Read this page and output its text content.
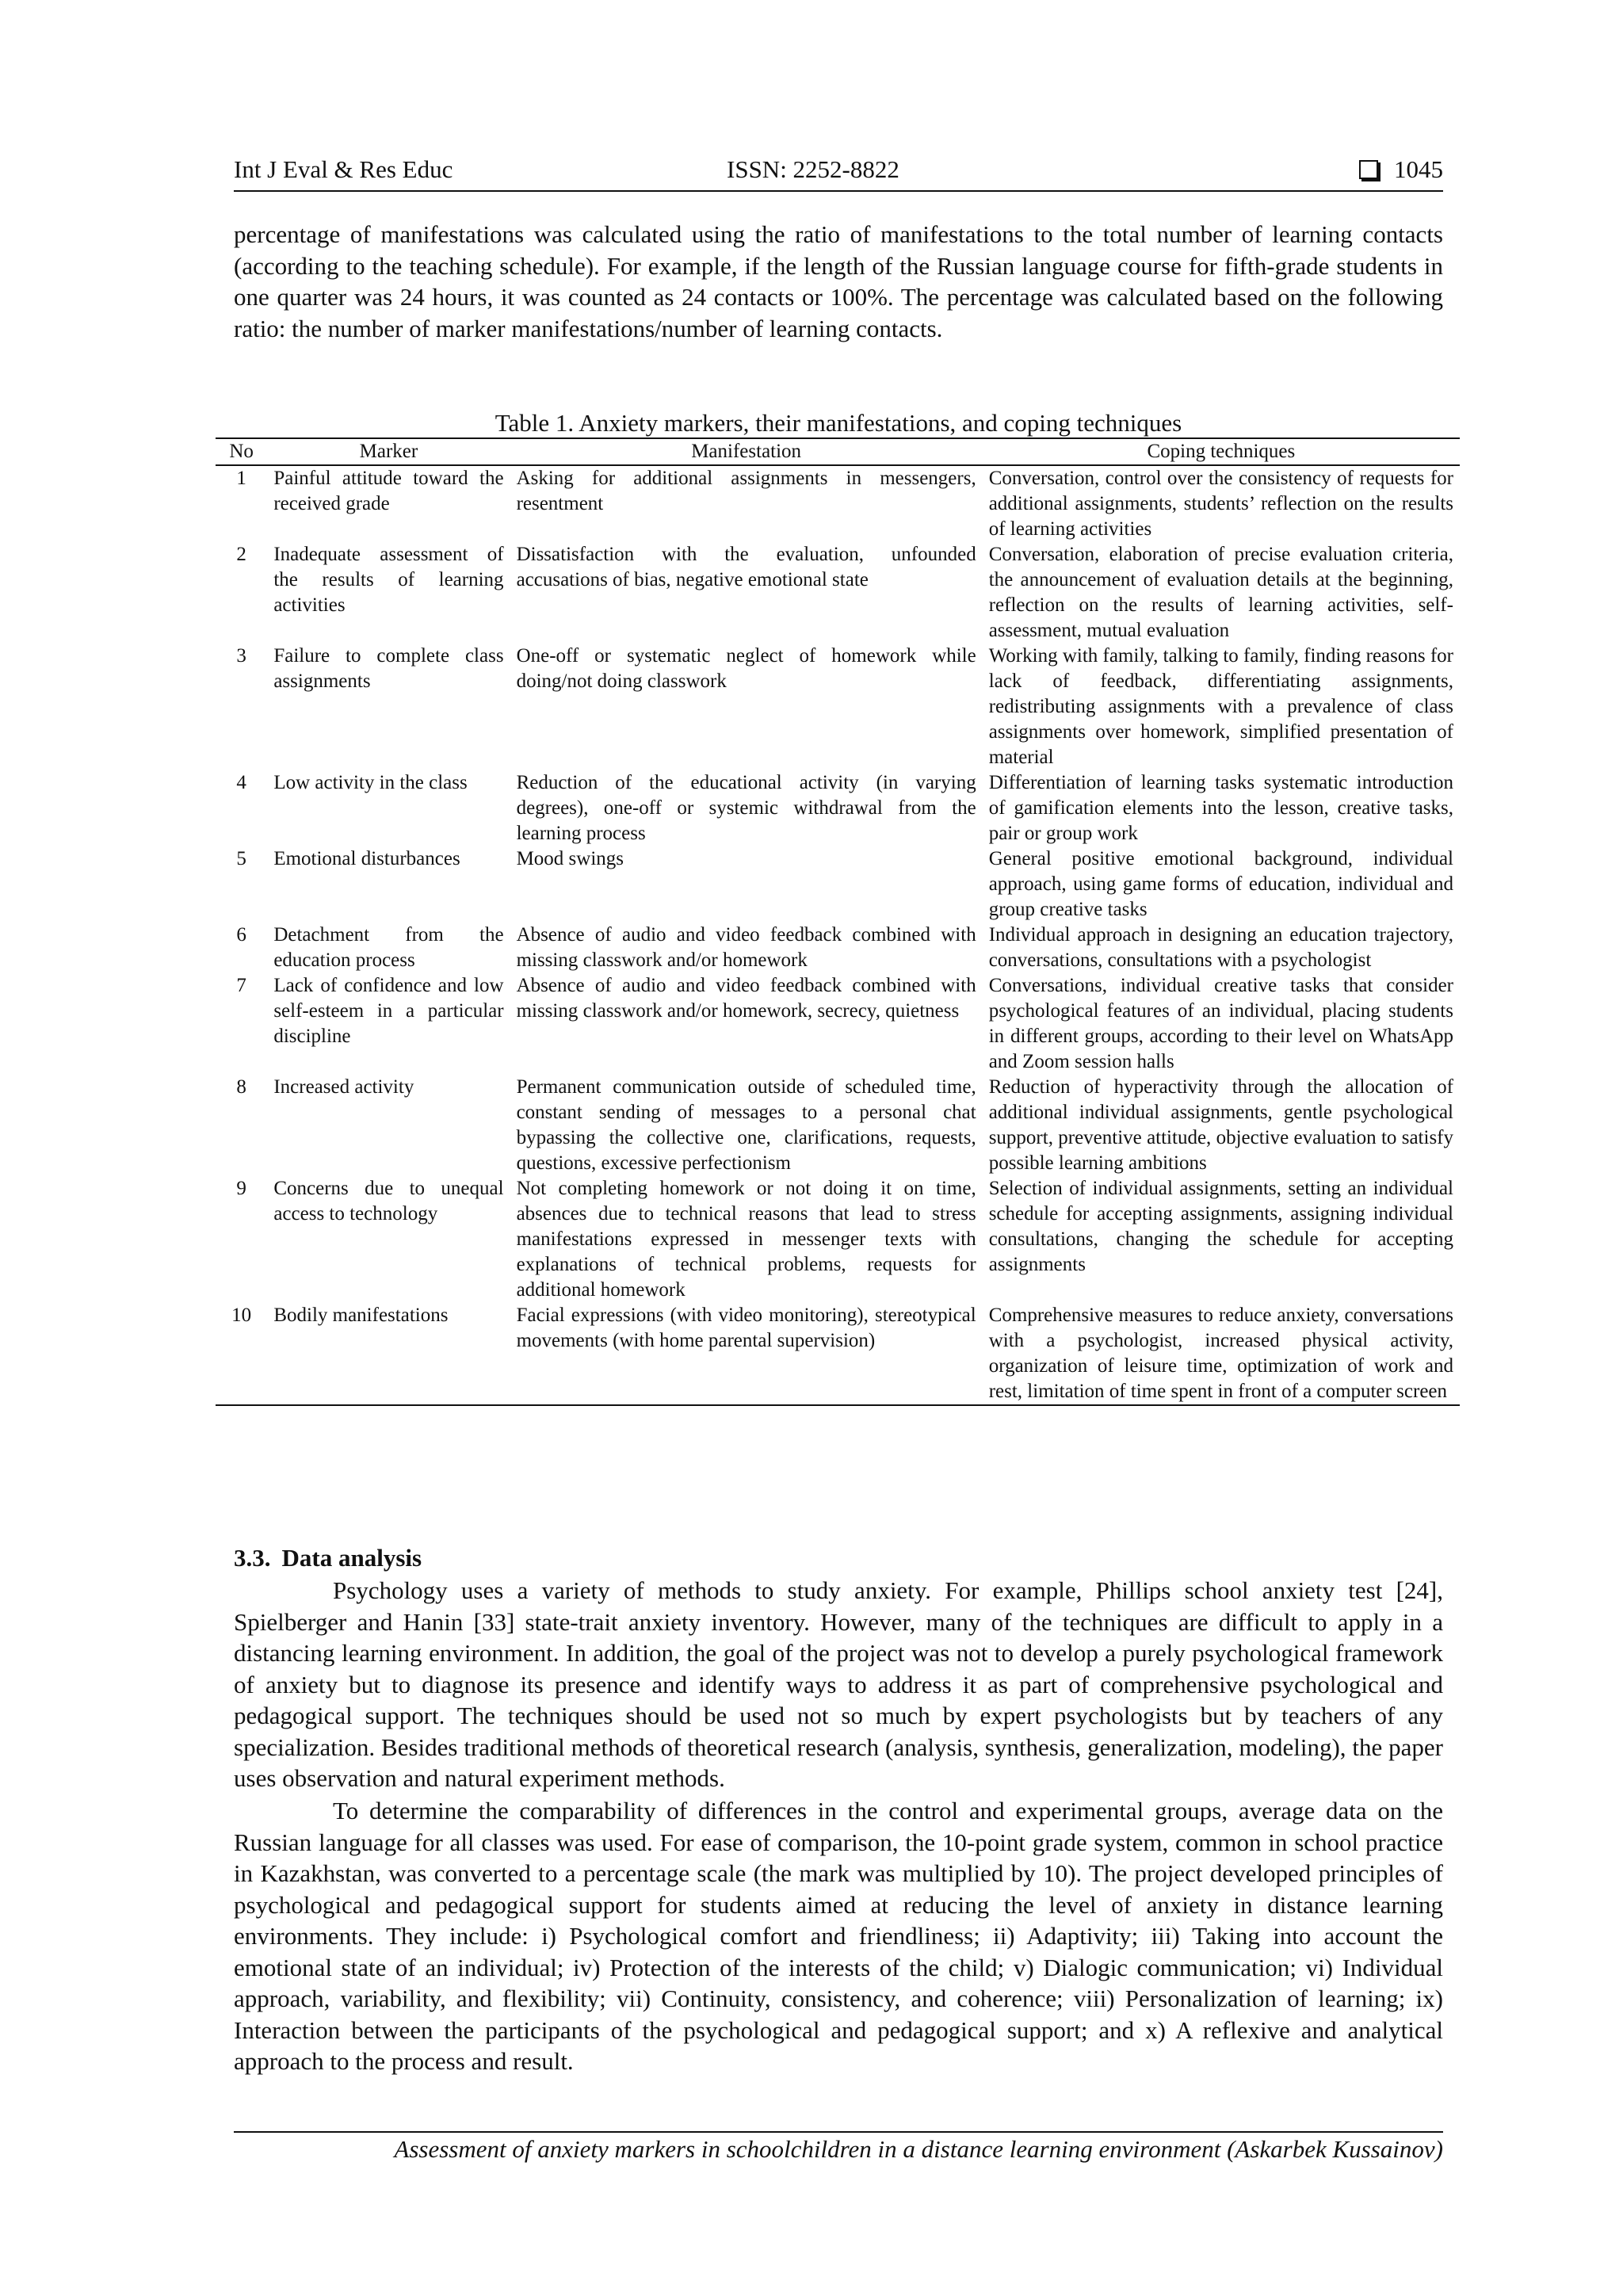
Int J Eval & Res Educ	ISSN: 2252-8822	1045

percentage of manifestations was calculated using the ratio of manifestations to the total number of learning contacts (according to the teaching schedule). For example, if the length of the Russian language course for fifth-grade students in one quarter was 24 hours, it was counted as 24 contacts or 100%. The percentage was calculated based on the following ratio: the number of marker manifestations/number of learning contacts.

Table 1. Anxiety markers, their manifestations, and coping techniques
No	Marker	Manifestation	Coping techniques
1	Painful attitude toward the received grade	Asking for additional assignments in messengers, resentment	Conversation, control over the consistency of requests for additional assignments, students’ reflection on the results of learning activities
2	Inadequate assessment of the results of learning activities	Dissatisfaction with the evaluation, unfounded accusations of bias, negative emotional state	Conversation, elaboration of precise evaluation criteria, the announcement of evaluation details at the beginning, reflection on the results of learning activities, self-assessment, mutual evaluation
3	Failure to complete class assignments	One-off or systematic neglect of homework while doing/not doing classwork	Working with family, talking to family, finding reasons for lack of feedback, differentiating assignments, redistributing assignments with a prevalence of class assignments over homework, simplified presentation of material
4	Low activity in the class	Reduction of the educational activity (in varying degrees), one-off or systemic withdrawal from the learning process	Differentiation of learning tasks systematic introduction of gamification elements into the lesson, creative tasks, pair or group work
5	Emotional disturbances	Mood swings	General positive emotional background, individual approach, using game forms of education, individual and group creative tasks
6	Detachment from the education process	Absence of audio and video feedback combined with missing classwork and/or homework	Individual approach in designing an education trajectory, conversations, consultations with a psychologist
7	Lack of confidence and low self-esteem in a particular discipline	Absence of audio and video feedback combined with missing classwork and/or homework, secrecy, quietness	Conversations, individual creative tasks that consider psychological features of an individual, placing students in different groups, according to their level on WhatsApp and Zoom session halls
8	Increased activity	Permanent communication outside of scheduled time, constant sending of messages to a personal chat bypassing the collective one, clarifications, requests, questions, excessive perfectionism	Reduction of hyperactivity through the allocation of additional individual assignments, gentle psychological support, preventive attitude, objective evaluation to satisfy possible learning ambitions
9	Concerns due to unequal access to technology	Not completing homework or not doing it on time, absences due to technical reasons that lead to stress manifestations expressed in messenger texts with explanations of technical problems, requests for additional homework	Selection of individual assignments, setting an individual schedule for accepting assignments, assigning individual consultations, changing the schedule for accepting assignments
10	Bodily manifestations	Facial expressions (with video monitoring), stereotypical movements (with home parental supervision)	Comprehensive measures to reduce anxiety, conversations with a psychologist, increased physical activity, organization of leisure time, optimization of work and rest, limitation of time spent in front of a computer screen
3.3. Data analysis

Psychology uses a variety of methods to study anxiety. For example, Phillips school anxiety test [24], Spielberger and Hanin [33] state-trait anxiety inventory. However, many of the techniques are difficult to apply in a distancing learning environment. In addition, the goal of the project was not to develop a purely psychological framework of anxiety but to diagnose its presence and identify ways to address it as part of comprehensive psychological and pedagogical support. The techniques should be used not so much by expert psychologists but by teachers of any specialization. Besides traditional methods of theoretical research (analysis, synthesis, generalization, modeling), the paper uses observation and natural experiment methods.

To determine the comparability of differences in the control and experimental groups, average data on the Russian language for all classes was used. For ease of comparison, the 10-point grade system, common in school practice in Kazakhstan, was converted to a percentage scale (the mark was multiplied by 10). The project developed principles of psychological and pedagogical support for students aimed at reducing the level of anxiety in distance learning environments. They include: i) Psychological comfort and friendliness; ii) Adaptivity; iii) Taking into account the emotional state of an individual; iv) Protection of the interests of the child; v) Dialogic communication; vi) Individual approach, variability, and flexibility; vii) Continuity, consistency, and coherence; viii) Personalization of learning; ix) Interaction between the participants of the psychological and pedagogical support; and x) A reflexive and analytical approach to the process and result.

Assessment of anxiety markers in schoolchildren in a distance learning environment (Askarbek Kussainov)
